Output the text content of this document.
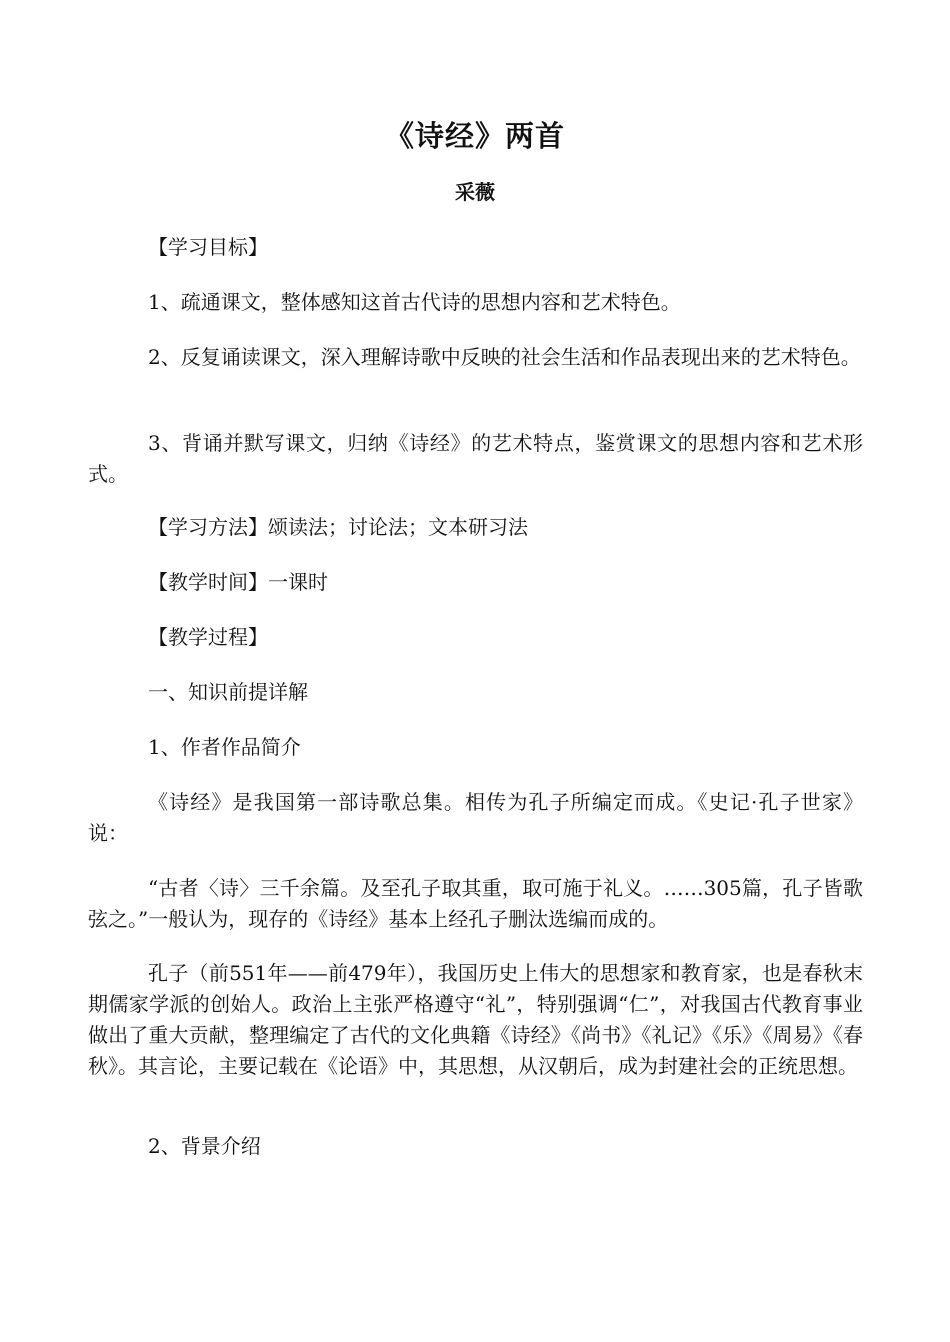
《诗经》两首
采薇

【学习目标】

1、疏通课文，整体感知这首古代诗的思想内容和艺术特色。

2、反复诵读课文，深入理解诗歌中反映的社会生活和作品表现出来的艺术特色。

3、背诵并默写课文，归纳《诗经》的艺术特点，鉴赏课文的思想内容和艺术形式。

【学习方法】颂读法；讨论法；文本研习法

【教学时间】一课时

【教学过程】

一、知识前提详解

1、作者作品简介

《诗经》是我国第一部诗歌总集。相传为孔子所编定而成。《史记·孔子世家》说：

“古者〈诗〉三千余篇。及至孔子取其重，取可施于礼义。……305篇，孔子皆歌弦之。”一般认为，现存的《诗经》基本上经孔子删汰选编而成的。

孔子（前551年——前479年），我国历史上伟大的思想家和教育家，也是春秋末期儒家学派的创始人。政治上主张严格遵守“礼”，特别强调“仁”，对我国古代教育事业做出了重大贡献，整理编定了古代的文化典籍《诗经》《尚书》《礼记》《乐》《周易》《春秋》。其言论，主要记载在《论语》中，其思想，从汉朝后，成为封建社会的正统思想。

2、背景介绍
